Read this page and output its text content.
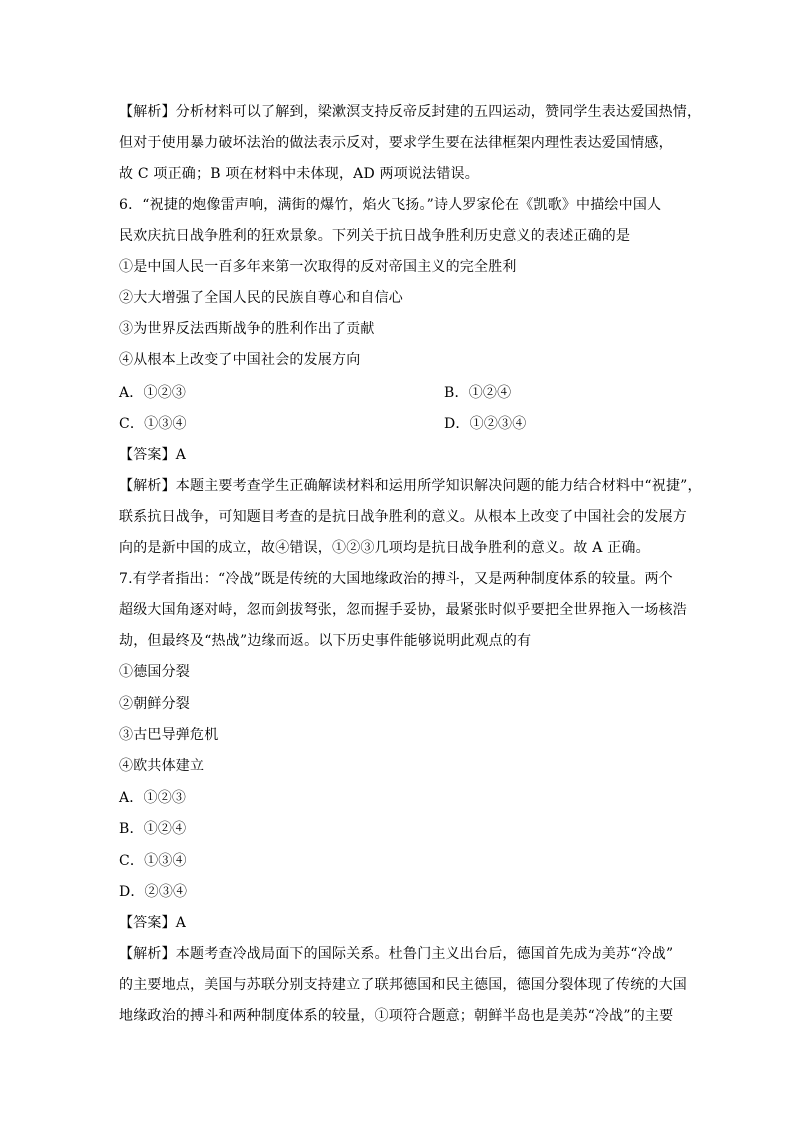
【解析】分析材料可以了解到，梁漱溟支持反帝反封建的五四运动，赞同学生表达爱国热情，
但对于使用暴力破坏法治的做法表示反对，要求学生要在法律框架内理性表达爱国情感，
故 C 项正确；B 项在材料中未体现，AD 两项说法错误。
6．“祝捷的炮像雷声响，满街的爆竹，焰火飞扬。”诗人罗家伦在《凯歌》中描绘中国人
民欢庆抗日战争胜利的狂欢景象。下列关于抗日战争胜利历史意义的表述正确的是
①是中国人民一百多年来第一次取得的反对帝国主义的完全胜利
②大大增强了全国人民的民族自尊心和自信心
③为世界反法西斯战争的胜利作出了贡献
④从根本上改变了中国社会的发展方向
A．①②③	B．①②④
C．①③④	D．①②③④
【答案】A
【解析】本题主要考查学生正确解读材料和运用所学知识解决问题的能力结合材料中“祝捷”，
联系抗日战争，可知题目考查的是抗日战争胜利的意义。从根本上改变了中国社会的发展方
向的是新中国的成立，故④错误，①②③几项均是抗日战争胜利的意义。故 A 正确。
7.有学者指出：“冷战”既是传统的大国地缘政治的搏斗，又是两种制度体系的较量。两个
超级大国角逐对峙，忽而剑拔弩张，忽而握手妥协，最紧张时似乎要把全世界拖入一场核浩
劫，但最终及“热战”边缘而返。以下历史事件能够说明此观点的有
①德国分裂
②朝鲜分裂
③古巴导弹危机
④欧共体建立
A．①②③
B．①②④
C．①③④
D．②③④
【答案】A
【解析】本题考查冷战局面下的国际关系。杜鲁门主义出台后，德国首先成为美苏“冷战”
的主要地点，美国与苏联分别支持建立了联邦德国和民主德国，德国分裂体现了传统的大国
地缘政治的搏斗和两种制度体系的较量，①项符合题意；朝鲜半岛也是美苏“冷战”的主要
